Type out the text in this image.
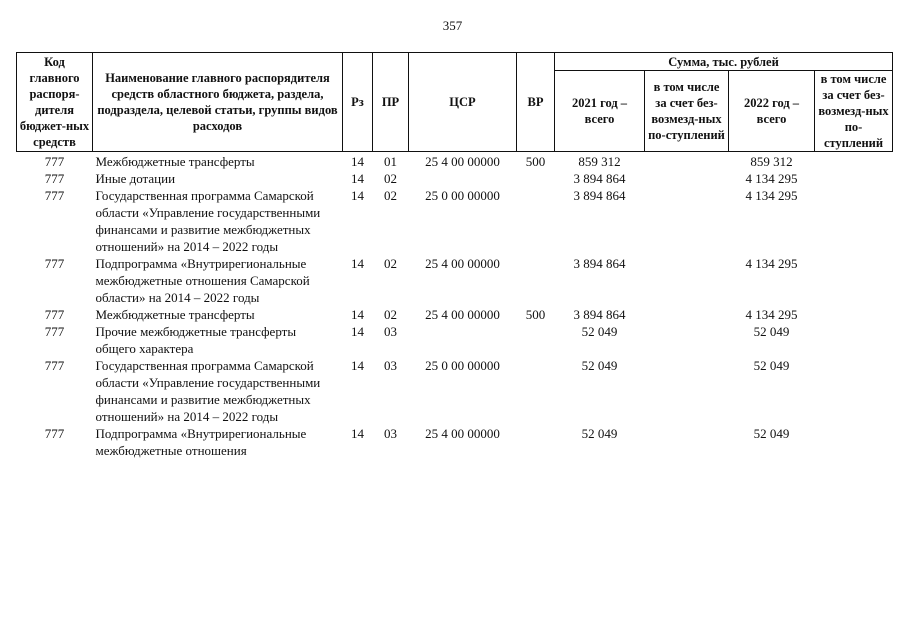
357
Код главного распоря-дителя бюджет-ных средств	Наименование главного распорядителя средств областного бюджета, раздела, подраздела, целевой статьи, группы видов расходов	Рз	ПР	ЦСР	ВР	Сумма, тыс. рублей			
						2021 год – всего	в том числе за счет без-возмезд-ных по-ступлений	2022 год – всего	в том числе за счет без-возмезд-ных по-ступлений
777	Межбюджетные трансферты	14	01	25 4 00 00000	500	859 312		859 312	
777	Иные дотации	14	02			3 894 864		4 134 295	
777	Государственная программа Самарской области «Управление государственными финансами и развитие межбюджетных отношений» на 2014 – 2022 годы	14	02	25 0 00 00000		3 894 864		4 134 295	
777	Подпрограмма «Внутрирегиональные межбюджетные отношения Самарской области» на 2014 – 2022 годы	14	02	25 4 00 00000		3 894 864		4 134 295	
777	Межбюджетные трансферты	14	02	25 4 00 00000	500	3 894 864		4 134 295	
777	Прочие межбюджетные трансферты общего характера	14	03			52 049		52 049	
777	Государственная программа Самарской области «Управление государственными финансами и развитие межбюджетных отношений» на 2014 – 2022 годы	14	03	25 0 00 00000		52 049		52 049	
777	Подпрограмма «Внутрирегиональные межбюджетные отношения	14	03	25 4 00 00000		52 049		52 049	
